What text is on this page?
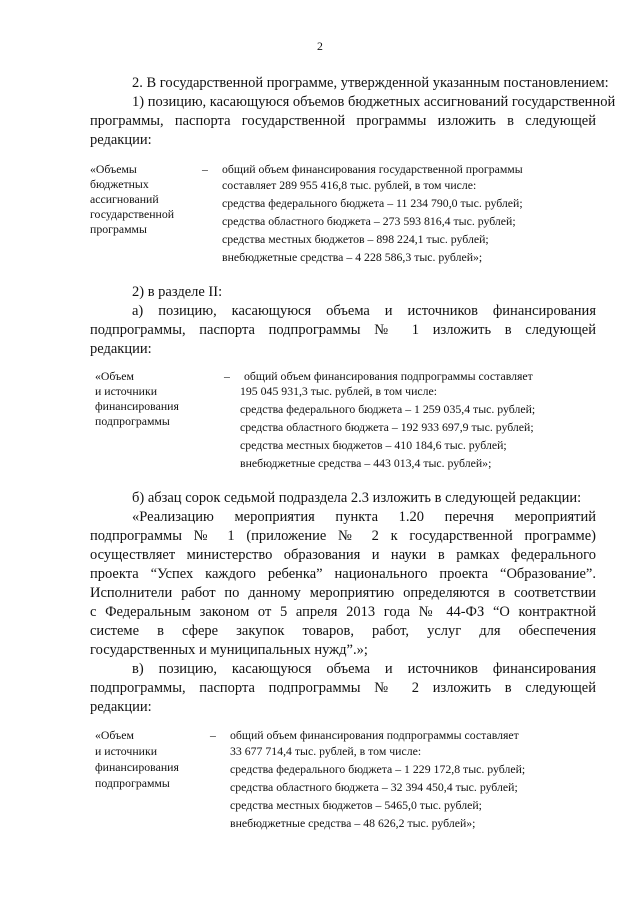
2
2. В государственной программе, утвержденной указанным постановлением:
1) позицию, касающуюся объемов бюджетных ассигнований государственной
программы, паспорта государственной программы изложить в следующей
редакции:
«Объемы
бюджетных
ассигнований
государственной
программы
– общий объем финансирования государственной программы
составляет 289 955 416,8 тыс. рублей, в том числе:
средства федерального бюджета – 11 234 790,0 тыс. рублей;
средства областного бюджета – 273 593 816,4 тыс. рублей;
средства местных бюджетов – 898 224,1 тыс. рублей;
внебюджетные средства – 4 228 586,3 тыс. рублей»;
2) в разделе II:
а) позицию, касающуюся объема и источников финансирования
подпрограммы, паспорта подпрограммы № 1 изложить в следующей
редакции:
«Объем
и источники
финансирования
подпрограммы
– общий объем финансирования подпрограммы составляет
195 045 931,3 тыс. рублей, в том числе:
средства федерального бюджета – 1 259 035,4 тыс. рублей;
средства областного бюджета – 192 933 697,9 тыс. рублей;
средства местных бюджетов – 410 184,6 тыс. рублей;
внебюджетные средства – 443 013,4 тыс. рублей»;
б) абзац сорок седьмой подраздела 2.3 изложить в следующей редакции:
«Реализацию мероприятия пункта 1.20 перечня мероприятий
подпрограммы № 1 (приложение № 2 к государственной программе)
осуществляет министерство образования и науки в рамках федерального
проекта “Успех каждого ребенка” национального проекта “Образование”.
Исполнители работ по данному мероприятию определяются в соответствии
с Федеральным законом от 5 апреля 2013 года № 44-ФЗ “О контрактной
системе в сфере закупок товаров, работ, услуг для обеспечения
государственных и муниципальных нужд”.»;
в) позицию, касающуюся объема и источников финансирования
подпрограммы, паспорта подпрограммы № 2 изложить в следующей
редакции:
«Объем
и источники
финансирования
подпрограммы
– общий объем финансирования подпрограммы составляет
33 677 714,4 тыс. рублей, в том числе:
средства федерального бюджета – 1 229 172,8 тыс. рублей;
средства областного бюджета – 32 394 450,4 тыс. рублей;
средства местных бюджетов – 5465,0 тыс. рублей;
внебюджетные средства – 48 626,2 тыс. рублей»;
